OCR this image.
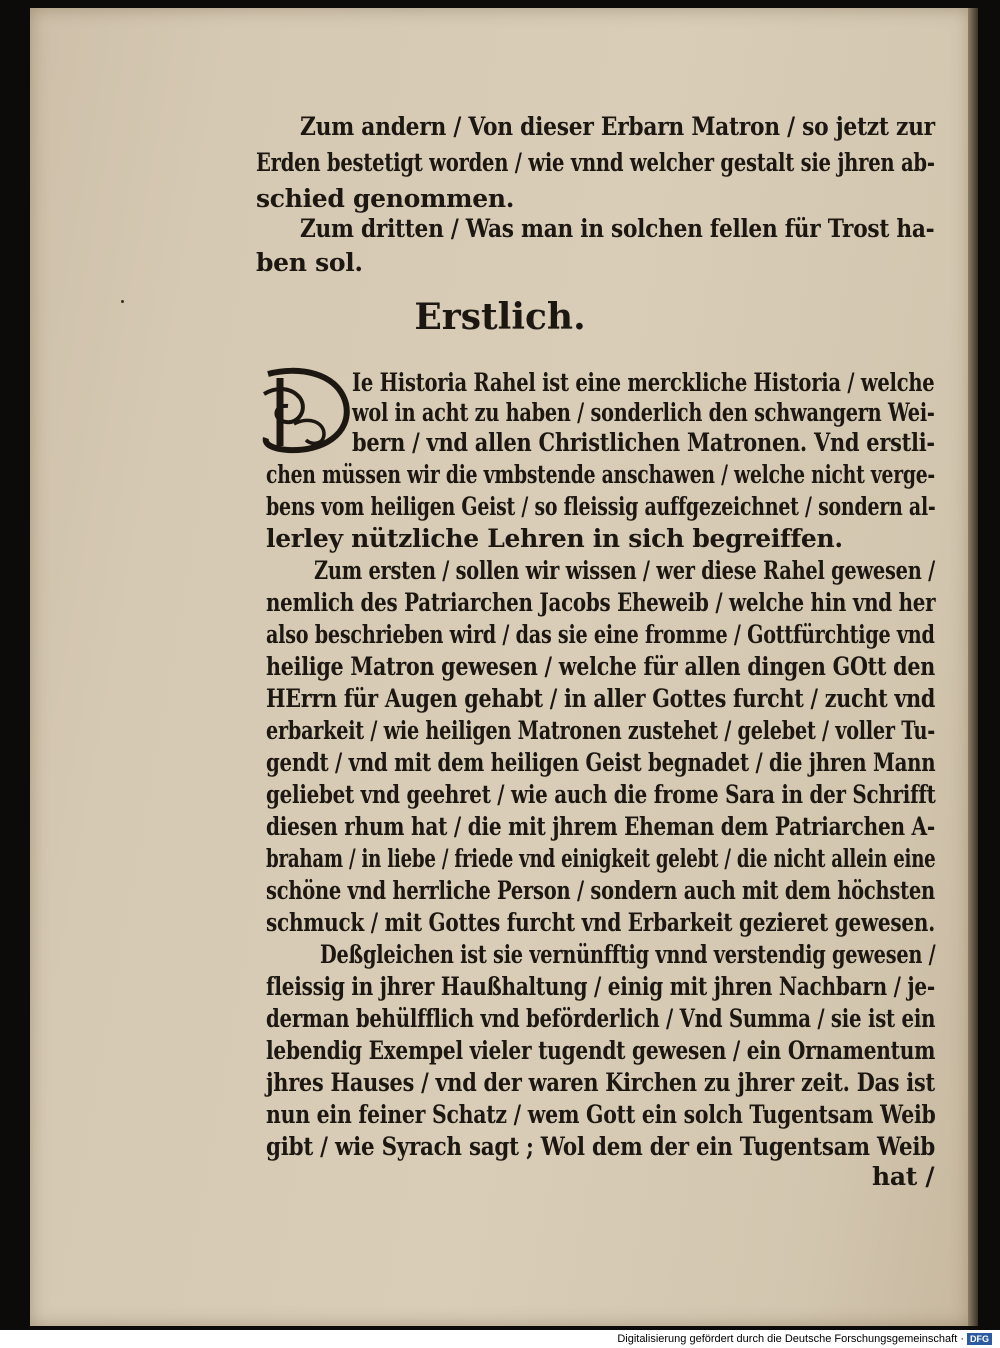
Zum andern / Von dieser Erbarn Matron / so jetzt zur
Erden bestetigt worden / wie vnnd welcher gestalt sie jhren ab-
schied genommen.
Zum dritten / Was man in solchen fellen für Trost ha-
ben sol.
Erstlich.
Ie Historia Rahel ist eine merckliche Historia / welche
wol in acht zu haben / sonderlich den schwangern Wei-
bern / vnd allen Christlichen Matronen. Vnd erstli-
chen müssen wir die vmbstende anschawen / welche nicht verge-
bens vom heiligen Geist / so fleissig auffgezeichnet / sondern al-
lerley nützliche Lehren in sich begreiffen.
Zum ersten / sollen wir wissen / wer diese Rahel gewesen /
nemlich des Patriarchen Jacobs Eheweib / welche hin vnd her
also beschrieben wird / das sie eine fromme / Gottfürchtige vnd
heilige Matron gewesen / welche für allen dingen GOtt den
HErrn für Augen gehabt / in aller Gottes furcht / zucht vnd
erbarkeit / wie heiligen Matronen zustehet / gelebet / voller Tu-
gendt / vnd mit dem heiligen Geist begnadet / die jhren Mann
geliebet vnd geehret / wie auch die frome Sara in der Schrifft
diesen rhum hat / die mit jhrem Eheman dem Patriarchen A-
braham / in liebe / friede vnd einigkeit gelebt / die nicht allein eine
schöne vnd herrliche Person / sondern auch mit dem höchsten
schmuck / mit Gottes furcht vnd Erbarkeit gezieret gewesen.
Deßgleichen ist sie vernünfftig vnnd verstendig gewesen /
fleissig in jhrer Haußhaltung / einig mit jhren Nachbarn / je-
derman behülfflich vnd beförderlich / Vnd Summa / sie ist ein
lebendig Exempel vieler tugendt gewesen / ein Ornamentum
jhres Hauses / vnd der waren Kirchen zu jhrer zeit. Das ist
nun ein feiner Schatz / wem Gott ein solch Tugentsam Weib
gibt / wie Syrach sagt ; Wol dem der ein Tugentsam Weib
hat /
Digitalisierung gefördert durch die Deutsche Forschungsgemeinschaft · DFG
